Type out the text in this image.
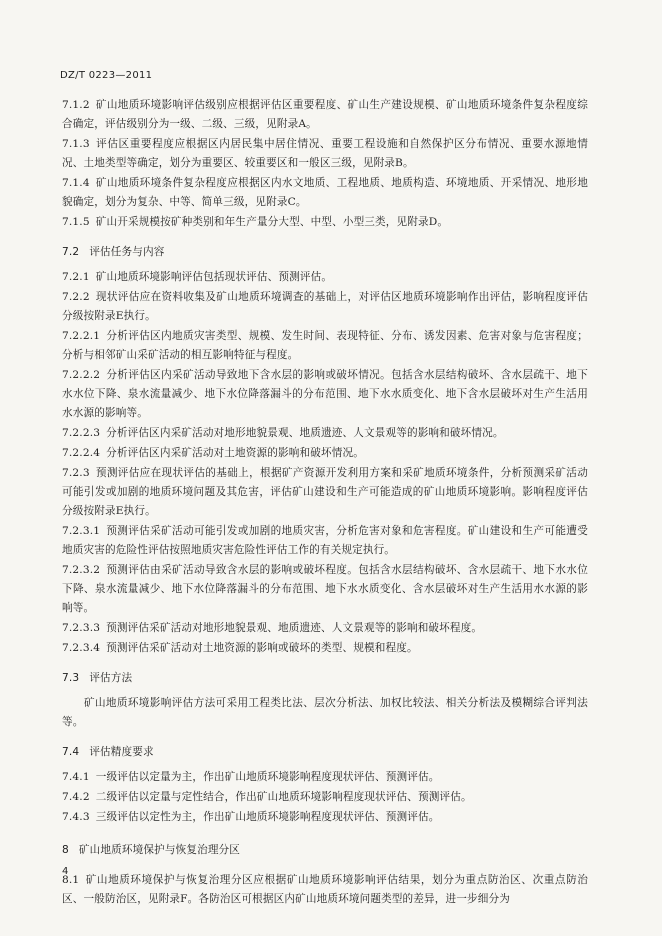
DZ/T 0223—2011

7.1.2 矿山地质环境影响评估级别应根据评估区重要程度、矿山生产建设规模、矿山地质环境条件复杂程度综合确定，评估级别分为一级、二级、三级，见附录A。

7.1.3 评估区重要程度应根据区内居民集中居住情况、重要工程设施和自然保护区分布情况、重要水源地情况、土地类型等确定，划分为重要区、较重要区和一般区三级，见附录B。

7.1.4 矿山地质环境条件复杂程度应根据区内水文地质、工程地质、地质构造、环境地质、开采情况、地形地貌确定，划分为复杂、中等、简单三级，见附录C。

7.1.5 矿山开采规模按矿种类别和年生产量分大型、中型、小型三类，见附录D。

7.2 评估任务与内容

7.2.1 矿山地质环境影响评估包括现状评估、预测评估。

7.2.2 现状评估应在资料收集及矿山地质环境调查的基础上，对评估区地质环境影响作出评估，影响程度评估分级按附录E执行。

7.2.2.1 分析评估区内地质灾害类型、规模、发生时间、表现特征、分布、诱发因素、危害对象与危害程度；分析与相邻矿山采矿活动的相互影响特征与程度。

7.2.2.2 分析评估区内采矿活动导致地下含水层的影响或破坏情况。包括含水层结构破坏、含水层疏干、地下水水位下降、泉水流量减少、地下水位降落漏斗的分布范围、地下水水质变化、地下含水层破坏对生产生活用水水源的影响等。

7.2.2.3 分析评估区内采矿活动对地形地貌景观、地质遗迹、人文景观等的影响和破坏情况。

7.2.2.4 分析评估区内采矿活动对土地资源的影响和破坏情况。

7.2.3 预测评估应在现状评估的基础上，根据矿产资源开发利用方案和采矿地质环境条件，分析预测采矿活动可能引发或加剧的地质环境问题及其危害，评估矿山建设和生产可能造成的矿山地质环境影响。影响程度评估分级按附录E执行。

7.2.3.1 预测评估采矿活动可能引发或加剧的地质灾害，分析危害对象和危害程度。矿山建设和生产可能遭受地质灾害的危险性评估按照地质灾害危险性评估工作的有关规定执行。

7.2.3.2 预测评估由采矿活动导致含水层的影响或破坏程度。包括含水层结构破坏、含水层疏干、地下水水位下降、泉水流量减少、地下水位降落漏斗的分布范围、地下水水质变化、含水层破坏对生产生活用水水源的影响等。

7.2.3.3 预测评估采矿活动对地形地貌景观、地质遗迹、人文景观等的影响和破坏程度。

7.2.3.4 预测评估采矿活动对土地资源的影响或破坏的类型、规模和程度。

7.3 评估方法

矿山地质环境影响评估方法可采用工程类比法、层次分析法、加权比较法、相关分析法及模糊综合评判法等。

7.4 评估精度要求

7.4.1 一级评估以定量为主，作出矿山地质环境影响程度现状评估、预测评估。

7.4.2 二级评估以定量与定性结合，作出矿山地质环境影响程度现状评估、预测评估。

7.4.3 三级评估以定性为主，作出矿山地质环境影响程度现状评估、预测评估。

8 矿山地质环境保护与恢复治理分区

8.1 矿山地质环境保护与恢复治理分区应根据矿山地质环境影响评估结果，划分为重点防治区、次重点防治区、一般防治区，见附录F。各防治区可根据区内矿山地质环境问题类型的差异，进一步细分为

4
